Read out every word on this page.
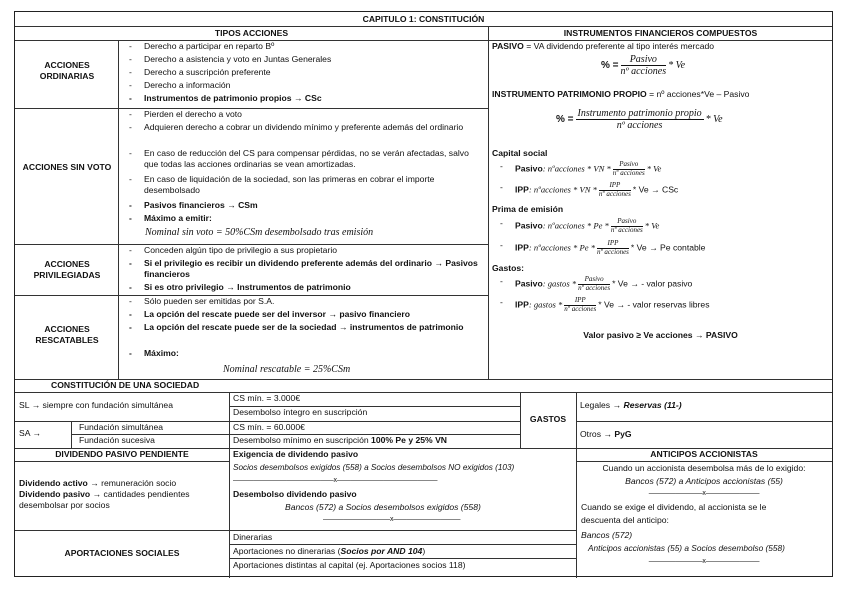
CAPITULO 1: CONSTITUCIÓN
TIPOS ACCIONES	INSTRUMENTOS FINANCIEROS COMPUESTOS
ACCIONES ORDINARIAS
- Derecho a participar en reparto Bº
- Derecho a asistencia y voto en Juntas Generales
- Derecho a suscripción preferente
- Derecho a información
- Instrumentos de patrimonio propios → CSc
ACCIONES SIN VOTO
- Pierden el derecho a voto
- Adquieren derecho a cobrar un dividendo mínimo y preferente además del ordinario
- En caso de reducción del CS para compensar pérdidas, no se verán afectadas, salvo que todas las acciones ordinarias se vean amortizadas.
- En caso de liquidación de la sociedad, son las primeras en cobrar el importe desembolsado
- Pasivos financieros → CSm
- Máximo a emitir:
Nominal sin voto = 50%CSm desembolsado tras emisión
ACCIONES PRIVILEGIADAS
- Conceden algún tipo de privilegio a sus propietario
- Si el privilegio es recibir un dividendo preferente además del ordinario → Pasivos financieros
- Si es otro privilegio → Instrumentos de patrimonio
ACCIONES RESCATABLES
- Sólo pueden ser emitidas por S.A.
- La opción del rescate puede ser del inversor → pasivo financiero
- La opción del rescate puede ser de la sociedad → instrumentos de patrimonio
- Máximo:
Nominal rescatable = 25%CSm
PASIVO = VA dividendo preferente al tipo interés mercado
% = $\frac{\text{Pasivo}}{\text{nº acciones}}$ * Ve
INSTRUMENTO PATRIMONIO PROPIO = nº acciones*Ve – Pasivo
% = $\frac{\text{Instrumento patrimonio propio}}{\text{nº acciones}}$ * Ve
Capital social
- Pasivo: nºacciones * VN * $\frac{\text{Pasivo}}{\text{nº acciones}}$ * Ve
- IPP: nºacciones * VN * $\frac{\text{IPP}}{\text{nº acciones}}$ * Ve → CSc
Prima de emisión
- Pasivo: nºacciones * Pe * $\frac{\text{Pasivo}}{\text{nº acciones}}$ * Ve
- IPP: nºacciones * $Pe * \frac{\text{IPP}}{\text{nº acciones}} * Ve \to Pe$ contable
Gastos:
- Pasivo: gastos * $\frac{\text{Pasivo}}{\text{nº acciones}}$ * Ve → - valor pasivo
- IPP: gastos * $\frac{\text{IPP}}{\text{nº acciones}}$ * Ve → - valor reservas libres
Valor pasivo ≥ Ve acciones → PASIVO
CONSTITUCIÓN DE UNA SOCIEDAD
SL → siempre con fundación simultánea
CS mín. = 3.000€
Desembolso íntegro en suscripción
SA →
Fundación simultánea
Fundación sucesiva
CS mín. = 60.000€
Desembolso mínimo en suscripción 100% Pe y 25% VN
GASTOS
Legales → Reservas (11-)
Otros → PyG
DIVIDENDO PASIVO PENDIENTE
Dividendo activo → remuneración socio
Dividendo pasivo → cantidades pendientes
desembolsar por socios
Exigencia de dividendo pasivo
Socios desembolsos exigidos (558) a Socios desembolsos NO exigidos (103)
———————————————x———————————————
Desembolso dividendo pasivo
Bancos (572) a Socios desembolsos exigidos (558)
——————————x——————————
APORTACIONES SOCIALES
Dinerarias
Aportaciones no dinerarias (Socios por AND 104)
Aportaciones distintas al capital (ej. Aportaciones socios 118)
ANTICIPOS ACCIONISTAS
Cuando un accionista desembolsa más de lo exigido:
Bancos (572) a Anticipos accionistas (55)
————————x————————
Cuando se exige el dividendo, al accionista se le
descuenta del anticipo:
Bancos (572)
Anticipos accionistas (55) a Socios desembolso (558)
————————x————————
